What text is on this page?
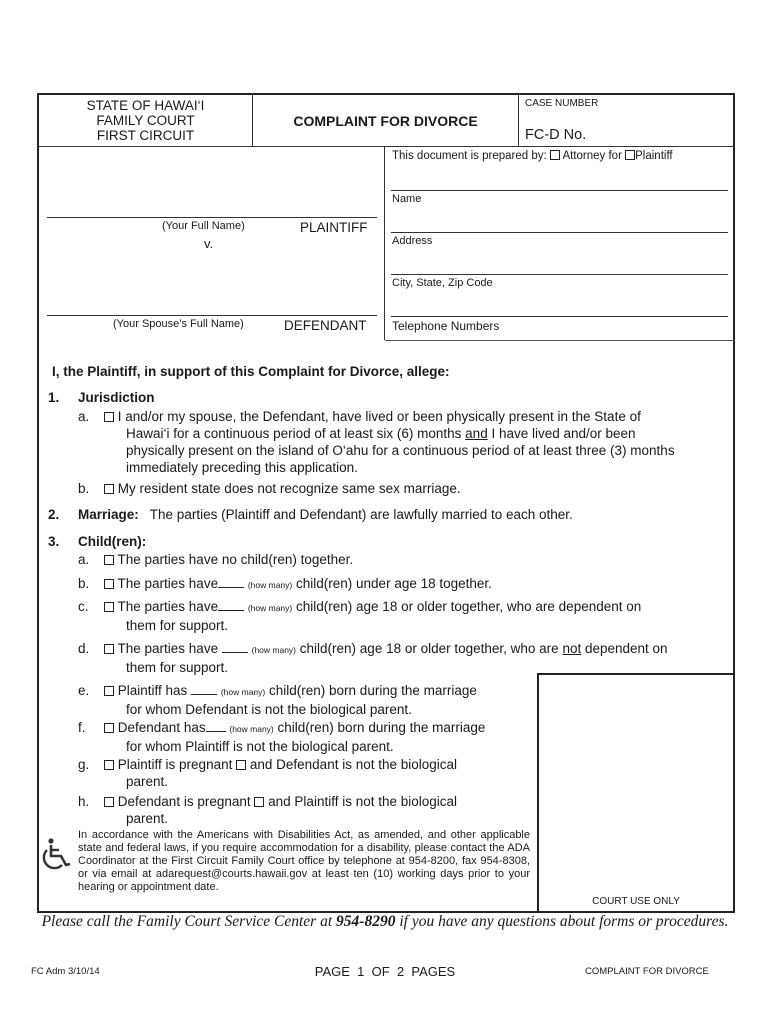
STATE OF HAWAI‘I
FAMILY COURT
FIRST CIRCUIT
COMPLAINT FOR DIVORCE
CASE NUMBER
FC-D No.
(Your Full Name)	PLAINTIFF
v.
(Your Spouse’s Full Name)	DEFENDANT
This document is prepared by: Attorney for Plaintiff
Name
Address
City, State, Zip Code
Telephone Numbers
I, the Plaintiff, in support of this Complaint for Divorce, allege:
1. Jurisdiction
a. I and/or my spouse, the Defendant, have lived or been physically present in the State of
Hawai‘i for a continuous period of at least six (6) months and I have lived and/or been
physically present on the island of O‘ahu for a continuous period of at least three (3) months
immediately preceding this application.
b. My resident state does not recognize same sex marriage.
2. Marriage: The parties (Plaintiff and Defendant) are lawfully married to each other.
3. Child(ren):
a. The parties have no child(ren) together.
b. The parties have	(how many) child(ren) under age 18 together.
c. The parties have	(how many) child(ren) age 18 or older together, who are dependent on
them for support.
d. The parties have	(how many) child(ren) age 18 or older together, who are not dependent on
them for support.
e. Plaintiff has	(how many) child(ren) born during the marriage
for whom Defendant is not the biological parent.
f. Defendant has	(how many) child(ren) born during the marriage
for whom Plaintiff is not the biological parent.
g. Plaintiff is pregnant and Defendant is not the biological
parent.
h. Defendant is pregnant and Plaintiff is not the biological
parent.
In accordance with the Americans with Disabilities Act, as amended, and other applicable state and federal laws, if you require accommodation for a disability, please contact the ADA Coordinator at the First Circuit Family Court office by telephone at 954-8200, fax 954-8308, or via email at adarequest@courts.hawaii.gov at least ten (10) working days prior to your hearing or appointment date.
COURT USE ONLY
Please call the Family Court Service Center at 954-8290 if you have any questions about forms or procedures.
FC Adm 3/10/14	PAGE  1  OF  2  PAGES	COMPLAINT FOR DIVORCE
